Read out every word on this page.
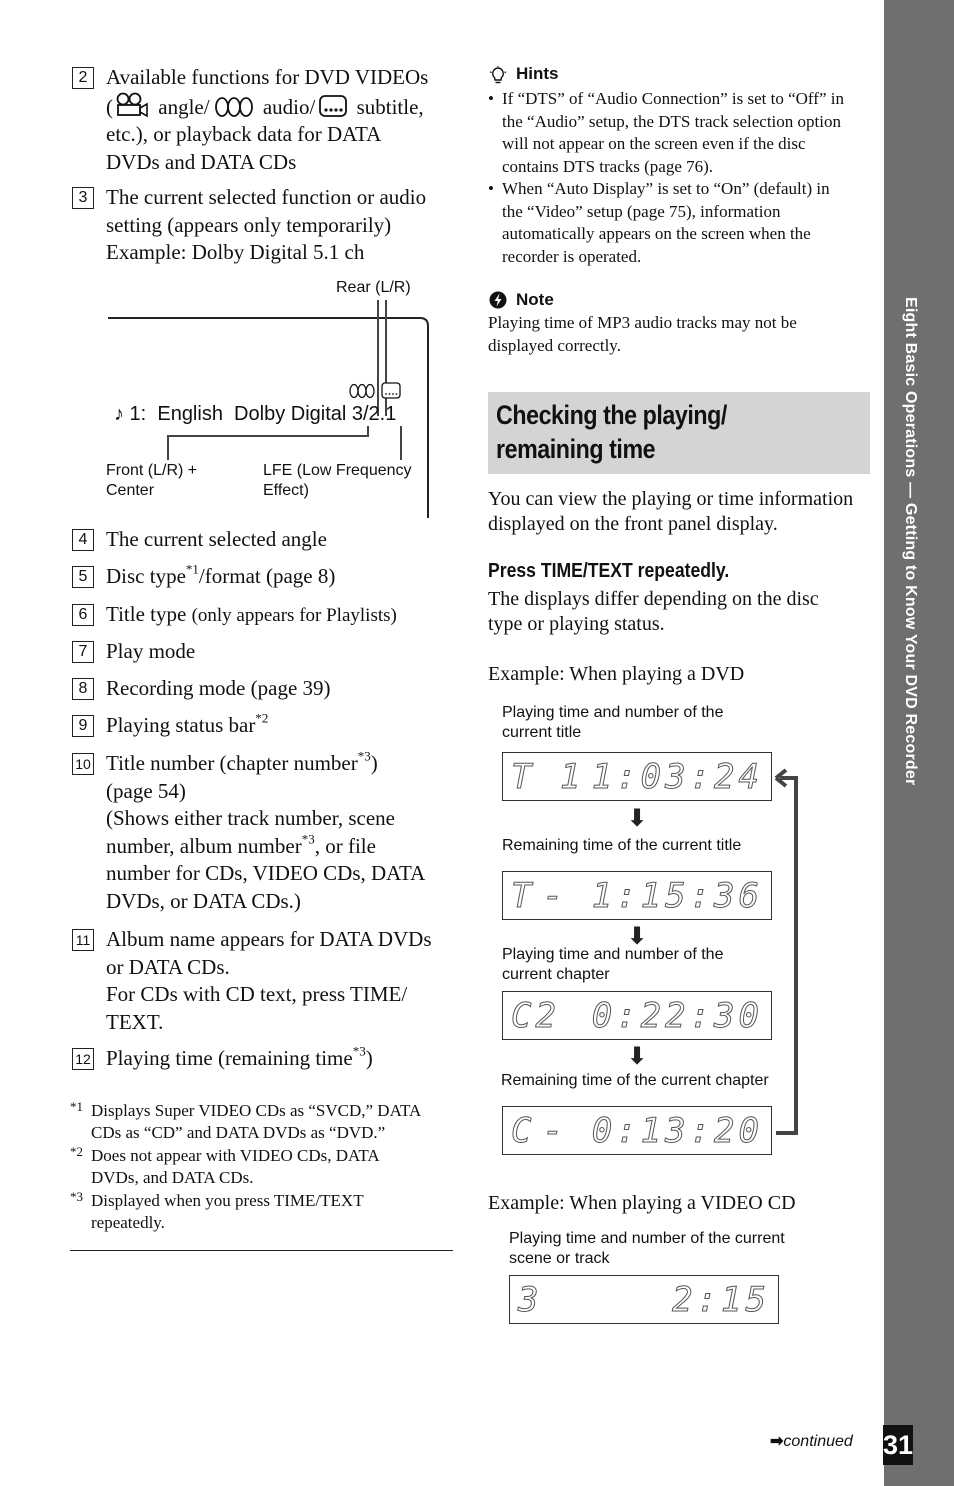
2 Available functions for DVD VIDEOs
( angle/ audio/ subtitle,
etc.), or playback data for DATA
DVDs and DATA CDs
3 The current selected function or audio
setting (appears only temporarily)
Example: Dolby Digital 5.1 ch
Rear (L/R)
♪ 1:  English  Dolby Digital 3/2.1
Front (L/R) +
Center
LFE (Low Frequency
Effect)
4 The current selected angle
5 Disc type$^{*1}$/format (page 8)
6 Title type (only appears for Playlists)
7 Play mode
8 Recording mode (page 39)
9 Playing status bar$^{*2}$
10 Title number (chapter number$^{*3}$)
(page 54)
(Shows either track number, scene
number, album number$^{*3}$, or file
number for CDs, VIDEO CDs, DATA
DVDs, or DATA CDs.)
11 Album name appears for DATA DVDs
or DATA CDs.
For CDs with CD text, press TIME/
TEXT.
12 Playing time (remaining time$^{*3}$)
*1 Displays Super VIDEO CDs as “SVCD,” DATA
CDs as “CD” and DATA DVDs as “DVD.”
*2 Does not appear with VIDEO CDs, DATA
DVDs, and DATA CDs.
*3 Displayed when you press TIME/TEXT
repeatedly.
Hints
• If “DTS” of “Audio Connection” is set to “Off” in
the “Audio” setup, the DTS track selection option
will not appear on the screen even if the disc
contains DTS tracks (page 76).
• When “Auto Display” is set to “On” (default) in
the “Video” setup (page 75), information
automatically appears on the screen when the
recorder is operated.
Note
Playing time of MP3 audio tracks may not be
displayed correctly.
Checking the playing/
remaining time
You can view the playing or time information
displayed on the front panel display.
Press TIME/TEXT repeatedly.
The displays differ depending on the disc
type or playing status.
Example: When playing a DVD
Playing time and number of the
current title
T 1 1:03:24
⬇
Remaining time of the current title
T - 1:15:36
⬇
Playing time and number of the
current chapter
C2 0:22:30
⬇
Remaining time of the current chapter
C - 0:13:20
Example: When playing a VIDEO CD
Playing time and number of the current
scene or track
3	2:15
➡continued
Eight Basic Operations — Getting to Know Your DVD Recorder
31
